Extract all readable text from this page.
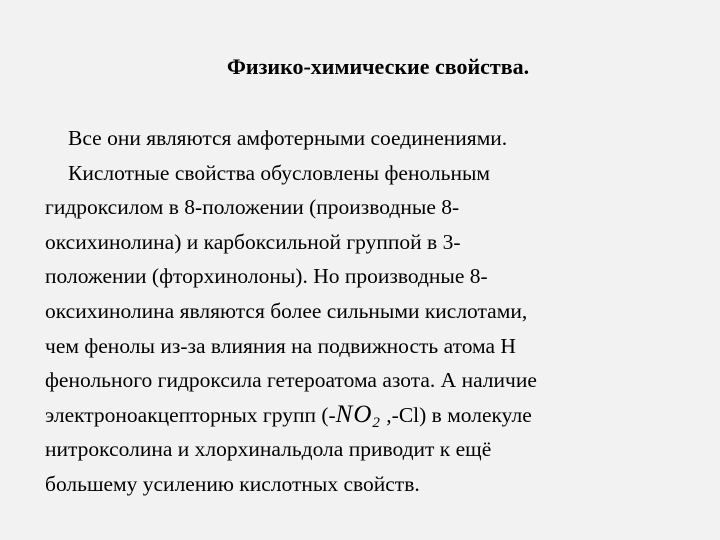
Физико-химические свойства.
Все они являются амфотерными соединениями.
Кислотные свойства обусловлены фенольным
гидроксилом в 8-положении (производные 8-
оксихинолина) и карбоксильной группой в 3-
положении (фторхинолоны). Но производные 8-
оксихинолина являются более сильными кислотами,
чем фенолы из-за влияния на подвижность атома Н
фенольного гидроксила гетероатома азота. А наличие
электроноакцепторных групп ($-NO_2$ ,-Cl) в молекуле
нитроксолина и хлорхинальдола приводит к ещё
большему усилению кислотных свойств.
